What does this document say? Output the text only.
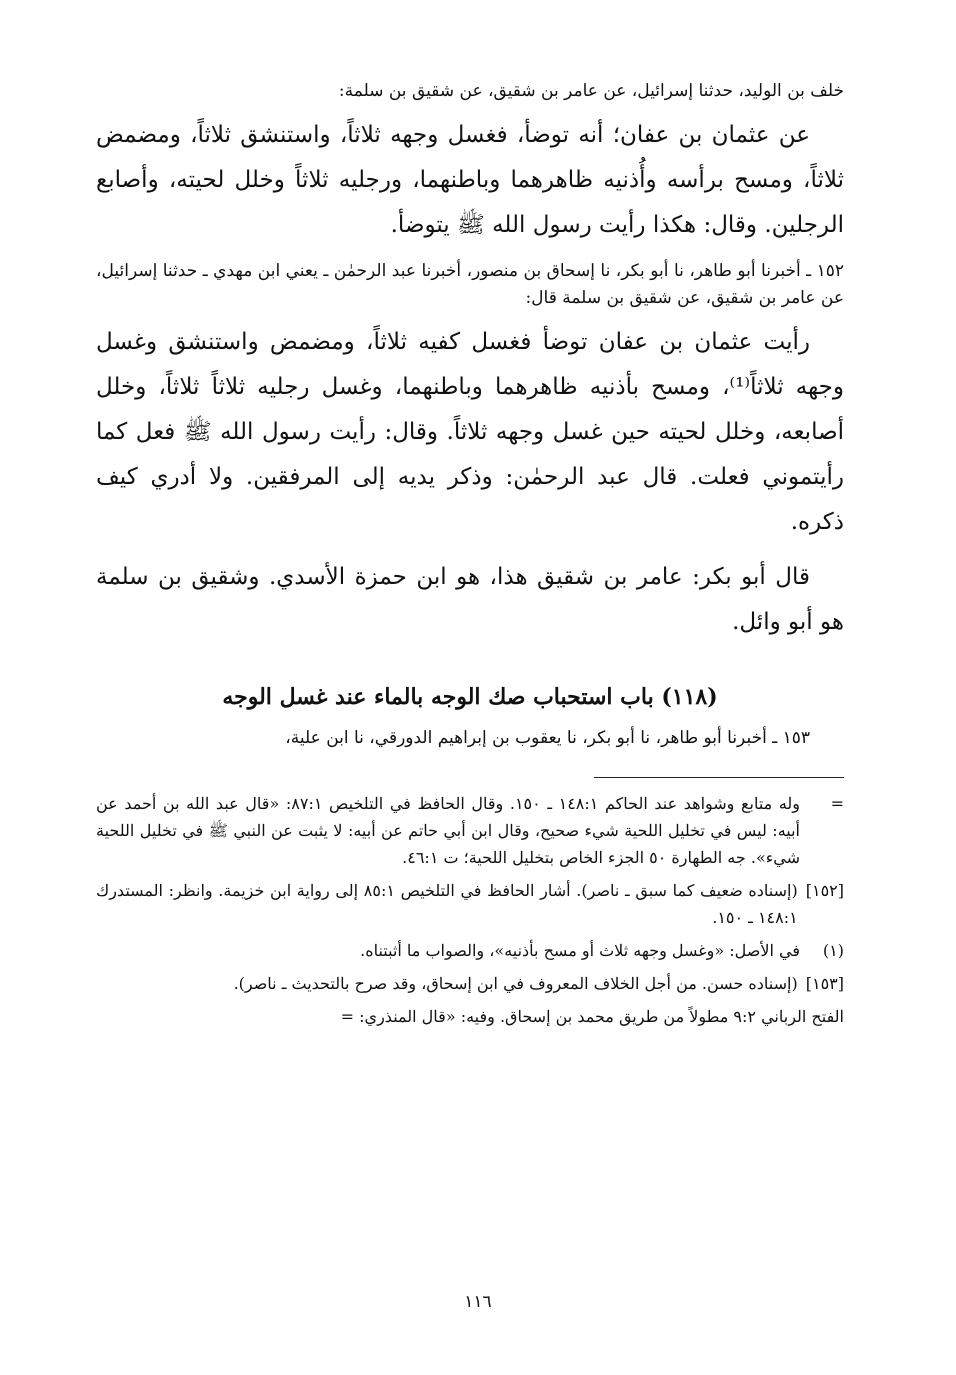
خلف بن الوليد، حدثنا إسرائيل، عن عامر بن شقيق، عن شقيق بن سلمة:

عن عثمان بن عفان؛ أنه توضأ، فغسل وجهه ثلاثاً، واستنشق ثلاثاً، ومضمض ثلاثاً، ومسح برأسه وأُذنيه ظاهرهما وباطنهما، ورجليه ثلاثاً وخلل لحيته، وأصابع الرجلين. وقال: هكذا رأيت رسول الله ﷺ يتوضأ.

١٥٢ ـ أخبرنا أبو طاهر، نا أبو بكر، نا إسحاق بن منصور، أخبرنا عبد الرحمٰن ـ يعني ابن مهدي ـ حدثنا إسرائيل، عن عامر بن شقيق، عن شقيق بن سلمة قال:

رأيت عثمان بن عفان توضأ فغسل كفيه ثلاثاً، ومضمض واستنشق وغسل وجهه ثلاثاً⁽¹⁾، ومسح بأذنيه ظاهرهما وباطنهما، وغسل رجليه ثلاثاً ثلاثاً، وخلل أصابعه، وخلل لحيته حين غسل وجهه ثلاثاً. وقال: رأيت رسول الله ﷺ فعل كما رأيتموني فعلت. قال عبد الرحمٰن: وذكر يديه إلى المرفقين. ولا أدري كيف ذكره.

قال أبو بكر: عامر بن شقيق هذا، هو ابن حمزة الأسدي. وشقيق بن سلمة هو أبو وائل.

(١١٨) باب استحباب صك الوجه بالماء عند غسل الوجه

١٥٣ ـ أخبرنا أبو طاهر، نا أبو بكر، نا يعقوب بن إبراهيم الدورقي، نا ابن علية،

=
وله متابع وشواهد عند الحاكم ١٤٨:١ ـ ١٥٠. وقال الحافظ في التلخيص ٨٧:١: «قال عبد الله بن أحمد عن أبيه: ليس في تخليل اللحية شيء صحيح، وقال ابن أبي حاتم عن أبيه: لا يثبت عن النبي ﷺ في تخليل اللحية شيء». جه الطهارة ٥٠ الجزء الخاص بتخليل اللحية؛ ت ٤٦:١.
[١٥٢]
(إسناده ضعيف كما سبق ـ ناصر). أشار الحافظ في التلخيص ٨٥:١ إلى رواية ابن خزيمة. وانظر: المستدرك ١٤٨:١ ـ ١٥٠.
(١)
في الأصل: «وغسل وجهه ثلاث أو مسح بأذنيه»، والصواب ما أثبتناه.
[١٥٣]
(إسناده حسن. من أجل الخلاف المعروف في ابن إسحاق، وقد صرح بالتحديث ـ ناصر).

الفتح الرباني ٩:٢ مطولاً من طريق محمد بن إسحاق. وفيه: «قال المنذري: =

١١٦
